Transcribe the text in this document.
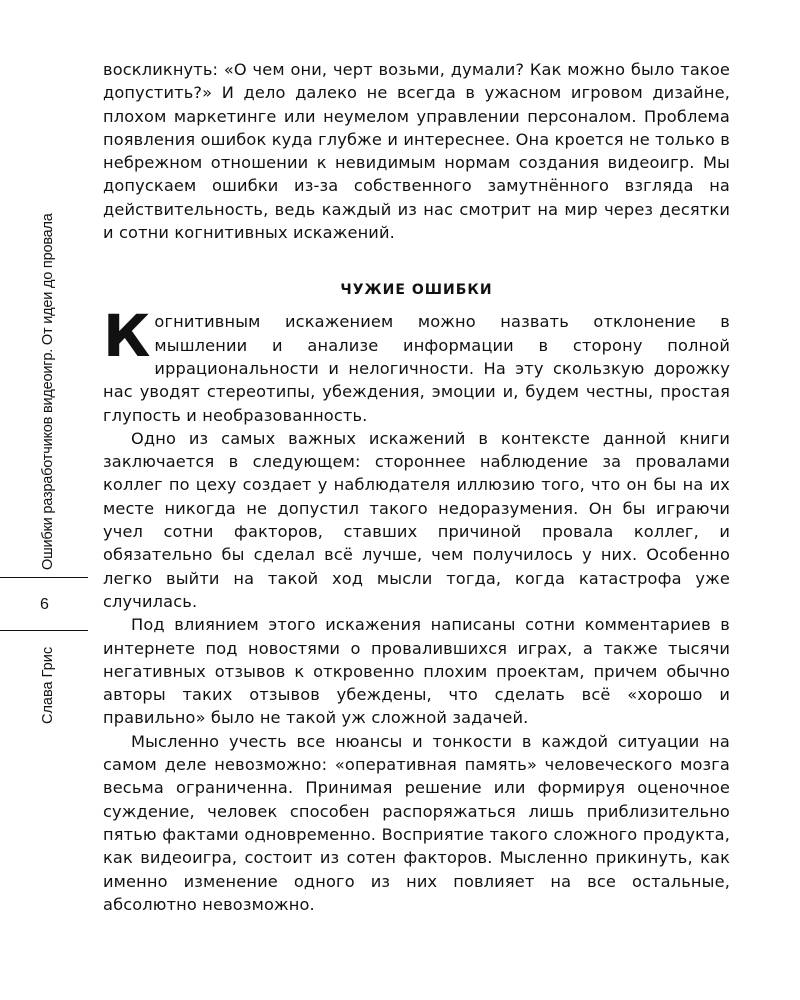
Ошибки разработчиков видеоигр. От идеи до провала
6
Слава Грис

воскликнуть: «О чем они, черт возьми, думали? Как можно было такое допустить?» И дело далеко не всегда в ужасном игровом дизайне, плохом маркетинге или неумелом управлении персоналом. Проблема появления ошибок куда глубже и интереснее. Она кроется не только в небрежном отношении к невидимым нормам создания видеоигр. Мы допускаем ошибки из-за собственного замутнённого взгляда на действительность, ведь каждый из нас смотрит на мир через десятки и сотни когнитивных искажений.

ЧУЖИЕ ОШИБКИ

Когнитивным искажением можно назвать отклонение в мышлении и анализе информации в сторону полной иррациональности и нелогичности. На эту скользкую дорожку нас уводят стереотипы, убеждения, эмоции и, будем честны, простая глупость и необразованность.

Одно из самых важных искажений в контексте данной книги заключается в следующем: стороннее наблюдение за провалами коллег по цеху создает у наблюдателя иллюзию того, что он бы на их месте никогда не допустил такого недоразумения. Он бы играючи учел сотни факторов, ставших причиной провала коллег, и обязательно бы сделал всё лучше, чем получилось у них. Особенно легко выйти на такой ход мысли тогда, когда катастрофа уже случилась.

Под влиянием этого искажения написаны сотни комментариев в интернете под новостями о провалившихся играх, а также тысячи негативных отзывов к откровенно плохим проектам, причем обычно авторы таких отзывов убеждены, что сделать всё «хорошо и правильно» было не такой уж сложной задачей.

Мысленно учесть все нюансы и тонкости в каждой ситуации на самом деле невозможно: «оперативная память» человеческого мозга весьма ограниченна. Принимая решение или формируя оценочное суждение, человек способен распоряжаться лишь приблизительно пятью фактами одновременно. Восприятие такого сложного продукта, как видеоигра, состоит из сотен факторов. Мысленно прикинуть, как именно изменение одного из них повлияет на все остальные, абсолютно невозможно.
